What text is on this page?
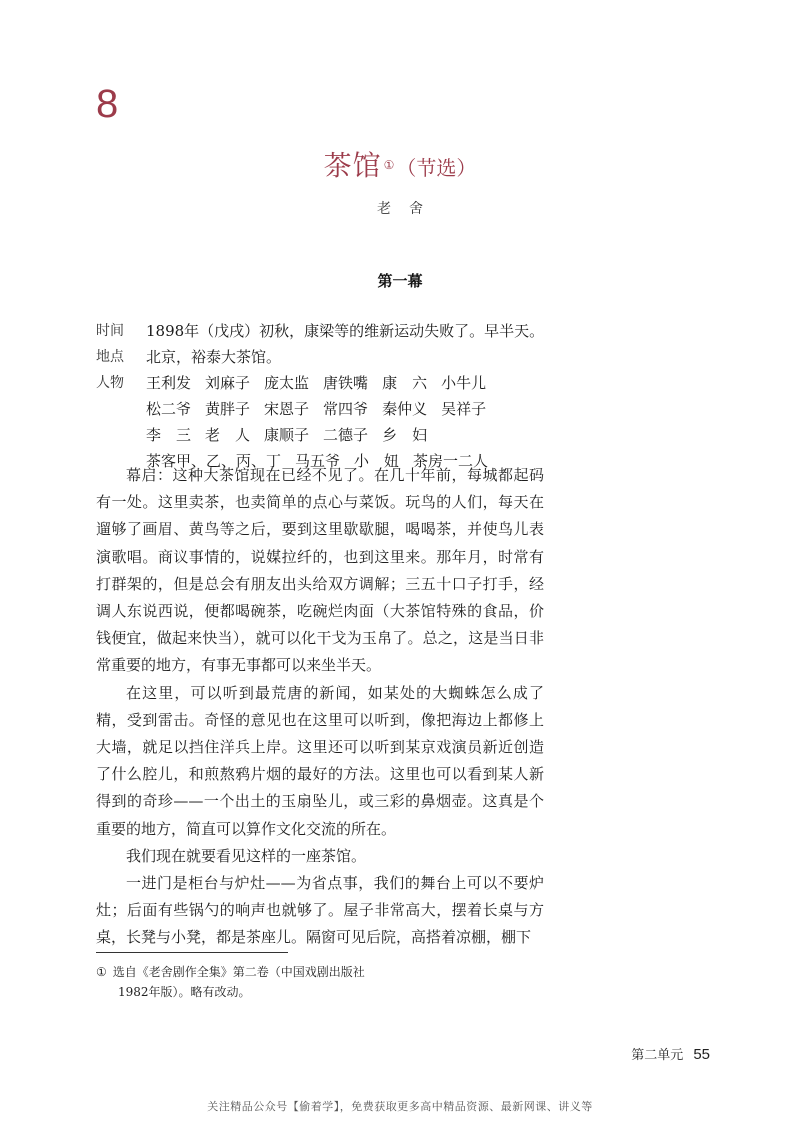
8
茶馆 ① （节选）
老舍
第一幕
时间	1898年（戊戌）初秋，康梁等的维新运动失败了。早半天。
地点	北京，裕泰大茶馆。
人物	王利发 刘麻子 庞太监 唐铁嘴 康　六 小牛儿
松二爷 黄胖子 宋恩子 常四爷 秦仲义 吴祥子
李　三 老　人 康顺子 二德子 乡　妇
茶客甲、乙、丙、丁 马五爷 小　妞 茶房一二人

幕启：这种大茶馆现在已经不见了。在几十年前，每城都起码有一处。这里卖茶，也卖简单的点心与菜饭。玩鸟的人们，每天在遛够了画眉、黄鸟等之后，要到这里歇歇腿，喝喝茶，并使鸟儿表演歌唱。商议事情的，说媒拉纤的，也到这里来。那年月，时常有打群架的，但是总会有朋友出头给双方调解；三五十口子打手，经调人东说西说，便都喝碗茶，吃碗烂肉面（大茶馆特殊的食品，价钱便宜，做起来快当），就可以化干戈为玉帛了。总之，这是当日非常重要的地方，有事无事都可以来坐半天。

在这里，可以听到最荒唐的新闻，如某处的大蜘蛛怎么成了精，受到雷击。奇怪的意见也在这里可以听到，像把海边上都修上大墙，就足以挡住洋兵上岸。这里还可以听到某京戏演员新近创造了什么腔儿，和煎熬鸦片烟的最好的方法。这里也可以看到某人新得到的奇珍——一个出土的玉扇坠儿，或三彩的鼻烟壶。这真是个重要的地方，简直可以算作文化交流的所在。

我们现在就要看见这样的一座茶馆。

一进门是柜台与炉灶——为省点事，我们的舞台上可以不要炉灶；后面有些锅勺的响声也就够了。屋子非常高大，摆着长桌与方桌，长凳与小凳，都是茶座儿。隔窗可见后院，高搭着凉棚，棚下

① 选自《老舍剧作全集》第二卷（中国戏剧出版社
1982年版）。略有改动。
第二单元 55
关注精品公众号【偷着学】，免费获取更多高中精品资源、最新网课、讲义等
